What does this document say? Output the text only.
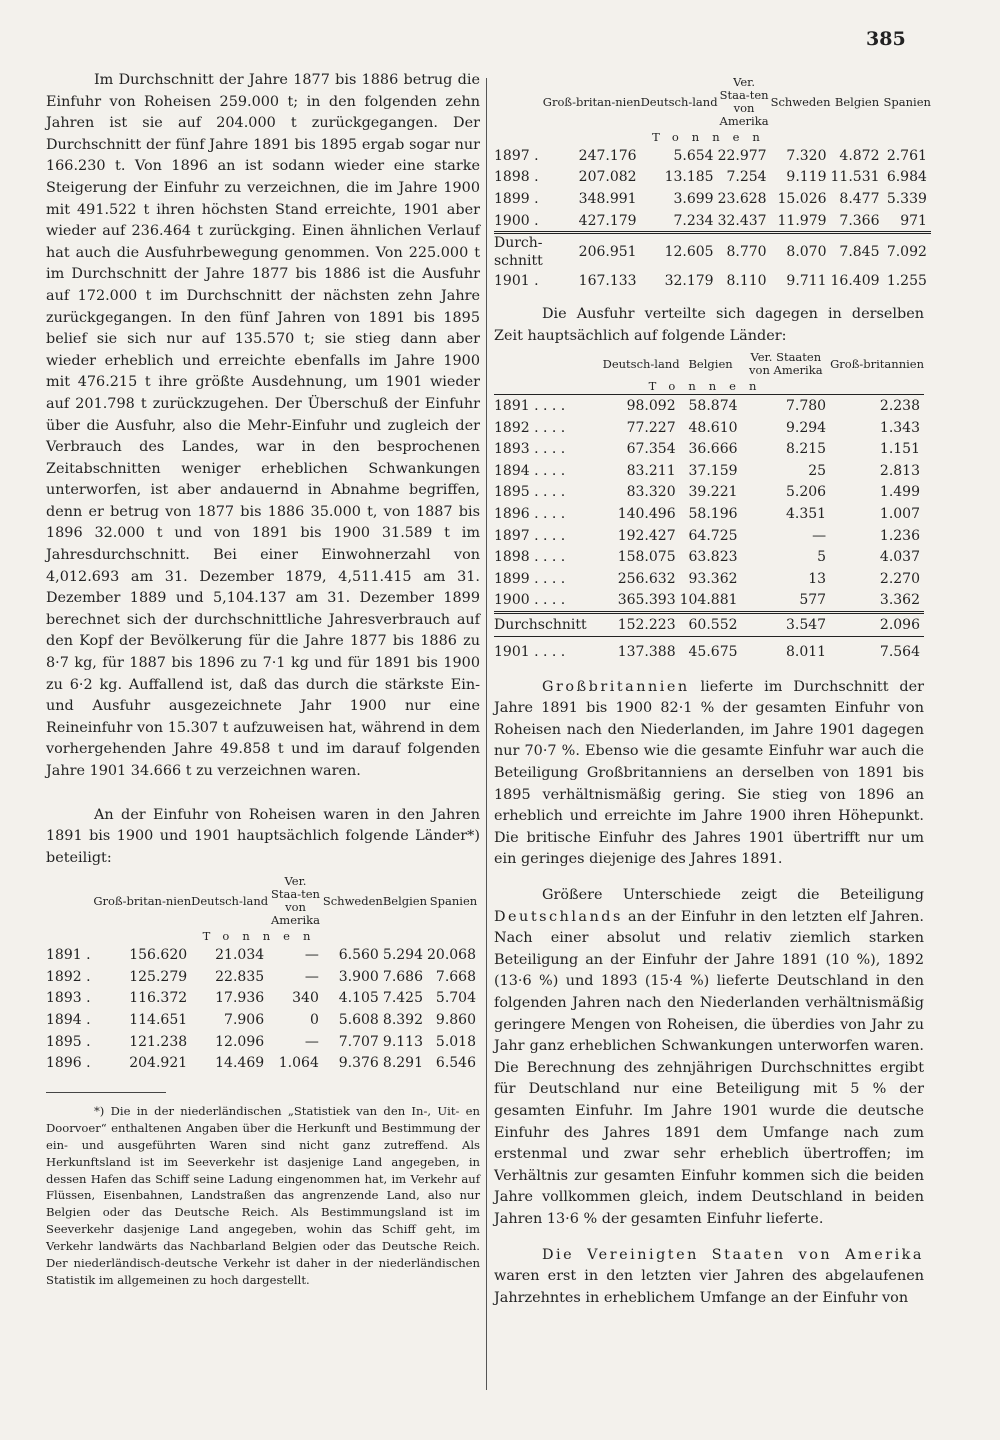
385

Im Durchschnitt der Jahre 1877 bis 1886 betrug die Einfuhr von Roheisen 259.000 t; in den folgenden zehn Jahren ist sie auf 204.000 t zurückgegangen. Der Durchschnitt der fünf Jahre 1891 bis 1895 ergab sogar nur 166.230 t. Von 1896 an ist sodann wieder eine starke Steigerung der Einfuhr zu verzeichnen, die im Jahre 1900 mit 491.522 t ihren höchsten Stand erreichte, 1901 aber wieder auf 236.464 t zurückging. Einen ähnlichen Verlauf hat auch die Ausfuhrbewegung genommen. Von 225.000 t im Durchschnitt der Jahre 1877 bis 1886 ist die Ausfuhr auf 172.000 t im Durchschnitt der nächsten zehn Jahre zurückgegangen. In den fünf Jahren von 1891 bis 1895 belief sie sich nur auf 135.570 t; sie stieg dann aber wieder erheblich und erreichte ebenfalls im Jahre 1900 mit 476.215 t ihre größte Ausdehnung, um 1901 wieder auf 201.798 t zurückzugehen. Der Überschuß der Einfuhr über die Ausfuhr, also die Mehr-Einfuhr und zugleich der Verbrauch des Landes, war in den besprochenen Zeitabschnitten weniger erheblichen Schwankungen unterworfen, ist aber andauernd in Abnahme begriffen, denn er betrug von 1877 bis 1886 35.000 t, von 1887 bis 1896 32.000 t und von 1891 bis 1900 31.589 t im Jahresdurchschnitt. Bei einer Einwohnerzahl von 4,012.693 am 31. Dezember 1879, 4,511.415 am 31. Dezember 1889 und 5,104.137 am 31. Dezember 1899 berechnet sich der durchschnittliche Jahresverbrauch auf den Kopf der Bevölkerung für die Jahre 1877 bis 1886 zu 8·7 kg, für 1887 bis 1896 zu 7·1 kg und für 1891 bis 1900 zu 6·2 kg. Auffallend ist, daß das durch die stärkste Ein- und Ausfuhr ausgezeichnete Jahr 1900 nur eine Reineinfuhr von 15.307 t aufzuweisen hat, während in dem vorhergehenden Jahre 49.858 t und im darauf folgenden Jahre 1901 34.666 t zu verzeichnen waren.

An der Einfuhr von Roheisen waren in den Jahren 1891 bis 1900 und 1901 hauptsächlich folgende Länder*) beteiligt:

	Groß-britan-nien	Deutsch-land	Ver. Staa-ten von Amerika	Schweden	Belgien	Spanien
Tonnen						
1891 .	156.620	21.034	—	6.560	5.294	20.068
1892 .	125.279	22.835	—	3.900	7.686	7.668
1893 .	116.372	17.936	340	4.105	7.425	5.704
1894 .	114.651	7.906	0	5.608	8.392	9.860
1895 .	121.238	12.096	—	7.707	9.113	5.018
1896 .	204.921	14.469	1.064	9.376	8.291	6.546

*) Die in der niederländischen „Statistiek van den In-, Uit- en Doorvoer“ enthaltenen Angaben über die Herkunft und Bestimmung der ein- und ausgeführten Waren sind nicht ganz zutreffend. Als Herkunftsland ist im Seeverkehr ist dasjenige Land angegeben, in dessen Hafen das Schiff seine Ladung eingenommen hat, im Verkehr auf Flüssen, Eisenbahnen, Landstraßen das angrenzende Land, also nur Belgien oder das Deutsche Reich. Als Bestimmungsland ist im Seeverkehr dasjenige Land angegeben, wohin das Schiff geht, im Verkehr landwärts das Nachbarland Belgien oder das Deutsche Reich. Der niederländisch-deutsche Verkehr ist daher in der niederländischen Statistik im allgemeinen zu hoch dargestellt.

	Groß-britan-nien	Deutsch-land	Ver. Staa-ten von Amerika	Schweden	Belgien	Spanien
Tonnen						
1897 .	247.176	5.654	22.977	7.320	4.872	2.761
1898 .	207.082	13.185	7.254	9.119	11.531	6.984
1899 .	348.991	3.699	23.628	15.026	8.477	5.339
1900 .	427.179	7.234	32.437	11.979	7.366	971
Durch-schnitt	206.951	12.605	8.770	8.070	7.845	7.092
1901 .	167.133	32.179	8.110	9.711	16.409	1.255

Die Ausfuhr verteilte sich dagegen in derselben Zeit hauptsächlich auf folgende Länder:

	Deutsch-land	Belgien	Ver. Staaten von Amerika	Groß-britannien
Tonnen				
1891 . . . .	98.092	58.874	7.780	2.238
1892 . . . .	77.227	48.610	9.294	1.343
1893 . . . .	67.354	36.666	8.215	1.151
1894 . . . .	83.211	37.159	25	2.813
1895 . . . .	83.320	39.221	5.206	1.499
1896 . . . .	140.496	58.196	4.351	1.007
1897 . . . .	192.427	64.725	—	1.236
1898 . . . .	158.075	63.823	5	4.037
1899 . . . .	256.632	93.362	13	2.270
1900 . . . .	365.393	104.881	577	3.362
Durchschnitt	152.223	60.552	3.547	2.096
1901 . . . .	137.388	45.675	8.011	7.564

Großbritannien lieferte im Durchschnitt der Jahre 1891 bis 1900 82·1 % der gesamten Einfuhr von Roheisen nach den Niederlanden, im Jahre 1901 dagegen nur 70·7 %. Ebenso wie die gesamte Einfuhr war auch die Beteiligung Großbritanniens an derselben von 1891 bis 1895 verhältnismäßig gering. Sie stieg von 1896 an erheblich und erreichte im Jahre 1900 ihren Höhepunkt. Die britische Einfuhr des Jahres 1901 übertrifft nur um ein geringes diejenige des Jahres 1891.

Größere Unterschiede zeigt die Beteiligung Deutschlands an der Einfuhr in den letzten elf Jahren. Nach einer absolut und relativ ziemlich starken Beteiligung an der Einfuhr der Jahre 1891 (10 %), 1892 (13·6 %) und 1893 (15·4 %) lieferte Deutschland in den folgenden Jahren nach den Niederlanden verhältnismäßig geringere Mengen von Roheisen, die überdies von Jahr zu Jahr ganz erheblichen Schwankungen unterworfen waren. Die Berechnung des zehnjährigen Durchschnittes ergibt für Deutschland nur eine Beteiligung mit 5 % der gesamten Einfuhr. Im Jahre 1901 wurde die deutsche Einfuhr des Jahres 1891 dem Umfange nach zum erstenmal und zwar sehr erheblich übertroffen; im Verhältnis zur gesamten Einfuhr kommen sich die beiden Jahre vollkommen gleich, indem Deutschland in beiden Jahren 13·6 % der gesamten Einfuhr lieferte.

Die Vereinigten Staaten von Amerika waren erst in den letzten vier Jahren des abgelaufenen Jahrzehntes in erheblichem Umfange an der Einfuhr von
